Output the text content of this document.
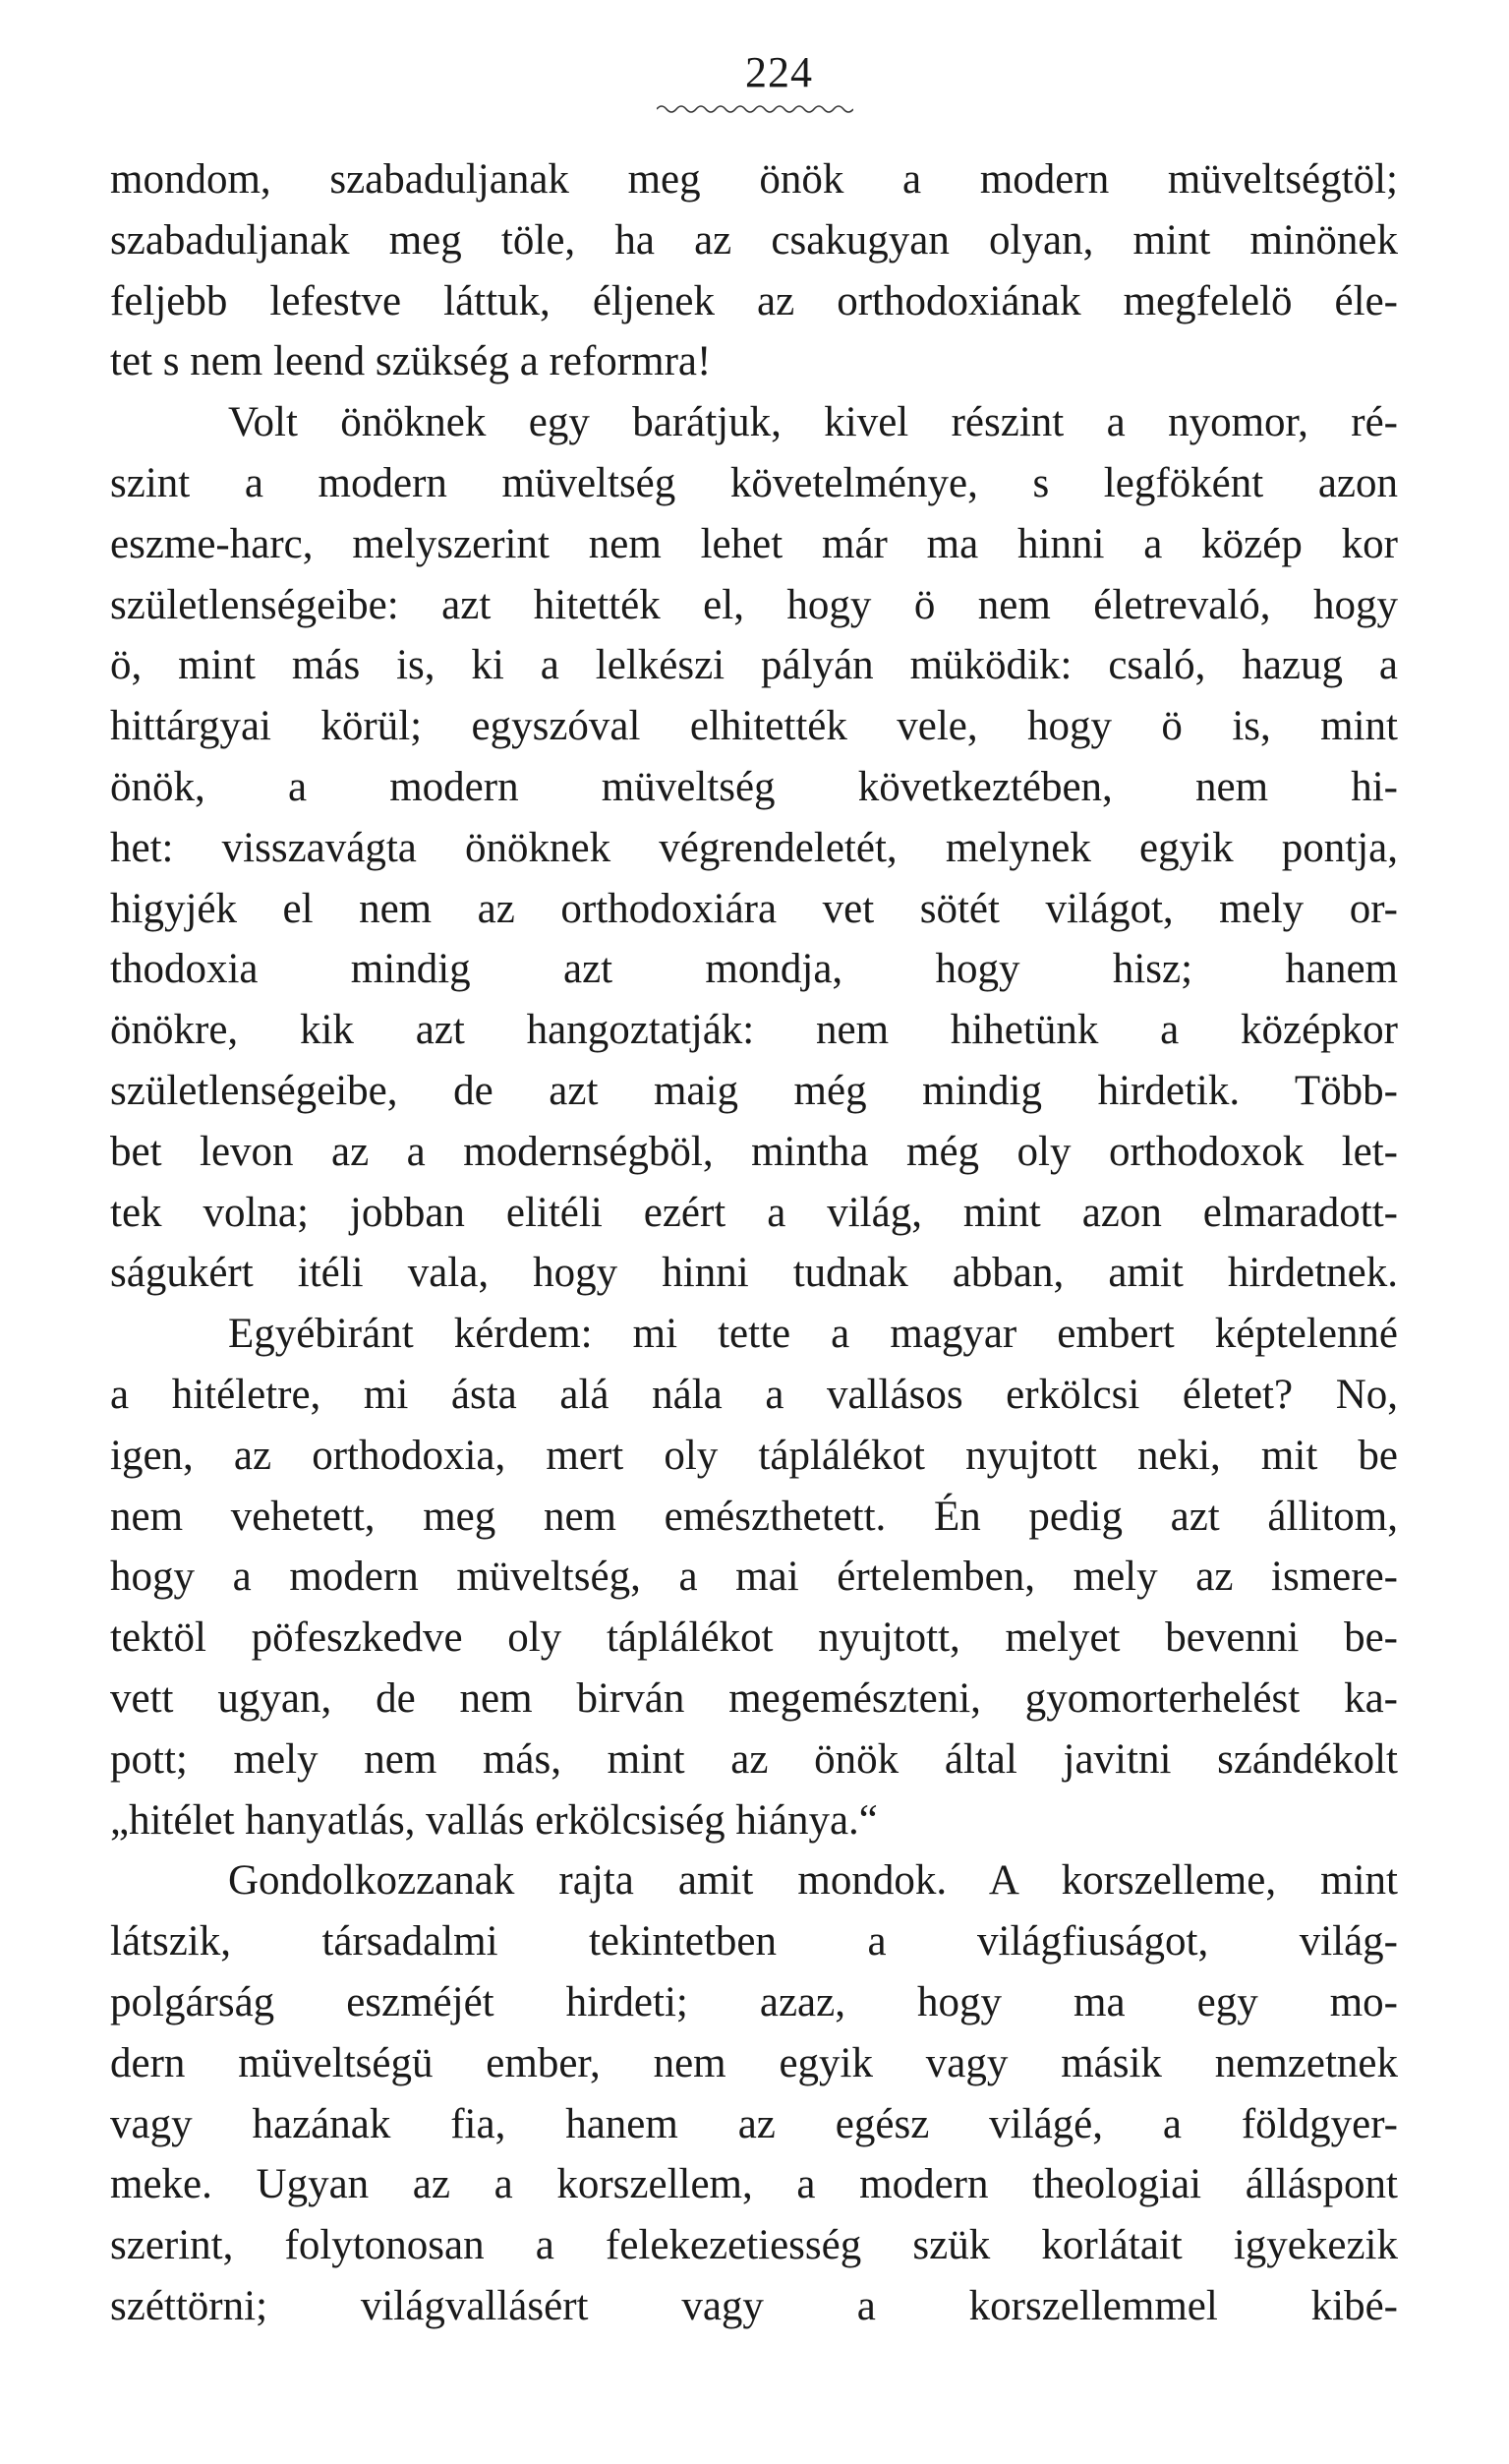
224
mondom, szabaduljanak meg önök a modern müveltségtöl;
szabaduljanak meg töle, ha az csakugyan olyan, mint minönek
feljebb lefestve láttuk, éljenek az orthodoxiának megfelelö éle-
tet s nem leend szükség a reformra!
Volt önöknek egy barátjuk, kivel részint a nyomor, ré-
szint a modern müveltség követelménye, s legföként azon
eszme-harc, melyszerint nem lehet már ma hinni a közép kor
születlenségeibe: azt hitették el, hogy ö nem életrevaló, hogy
ö, mint más is, ki a lelkészi pályán müködik: csaló, hazug a
hittárgyai körül; egyszóval elhitették vele, hogy ö is, mint
önök, a modern müveltség következtében, nem hi-
het: visszavágta önöknek végrendeletét, melynek egyik pontja,
higyjék el nem az orthodoxiára vet sötét világot, mely or-
thodoxia mindig azt mondja, hogy hisz; hanem
önökre, kik azt hangoztatják: nem hihetünk a középkor
születlenségeibe, de azt maig még mindig hirdetik. Több-
bet levon az a modernségböl, mintha még oly orthodoxok let-
tek volna; jobban elitéli ezért a világ, mint azon elmaradott-
ságukért itéli vala, hogy hinni tudnak abban, amit hirdetnek.
Egyébiránt kérdem: mi tette a magyar embert képtelenné
a hitéletre, mi ásta alá nála a vallásos erkölcsi életet? No,
igen, az orthodoxia, mert oly táplálékot nyujtott neki, mit be
nem vehetett, meg nem emészthetett. Én pedig azt állitom,
hogy a modern müveltség, a mai értelemben, mely az ismere-
tektöl pöfeszkedve oly táplálékot nyujtott, melyet bevenni be-
vett ugyan, de nem birván megemészteni, gyomorterhelést ka-
pott; mely nem más, mint az önök által javitni szándékolt
„hitélet hanyatlás, vallás erkölcsiség hiánya.“
Gondolkozzanak rajta amit mondok. A korszelleme, mint
látszik, társadalmi tekintetben a világfiuságot, világ-
polgárság eszméjét hirdeti; azaz, hogy ma egy mo-
dern müveltségü ember, nem egyik vagy másik nemzetnek
vagy hazának fia, hanem az egész világé, a földgyer-
meke. Ugyan az a korszellem, a modern theologiai álláspont
szerint, folytonosan a felekezetiesség szük korlátait igyekezik
széttörni; világvallásért vagy a korszellemmel kibé-
